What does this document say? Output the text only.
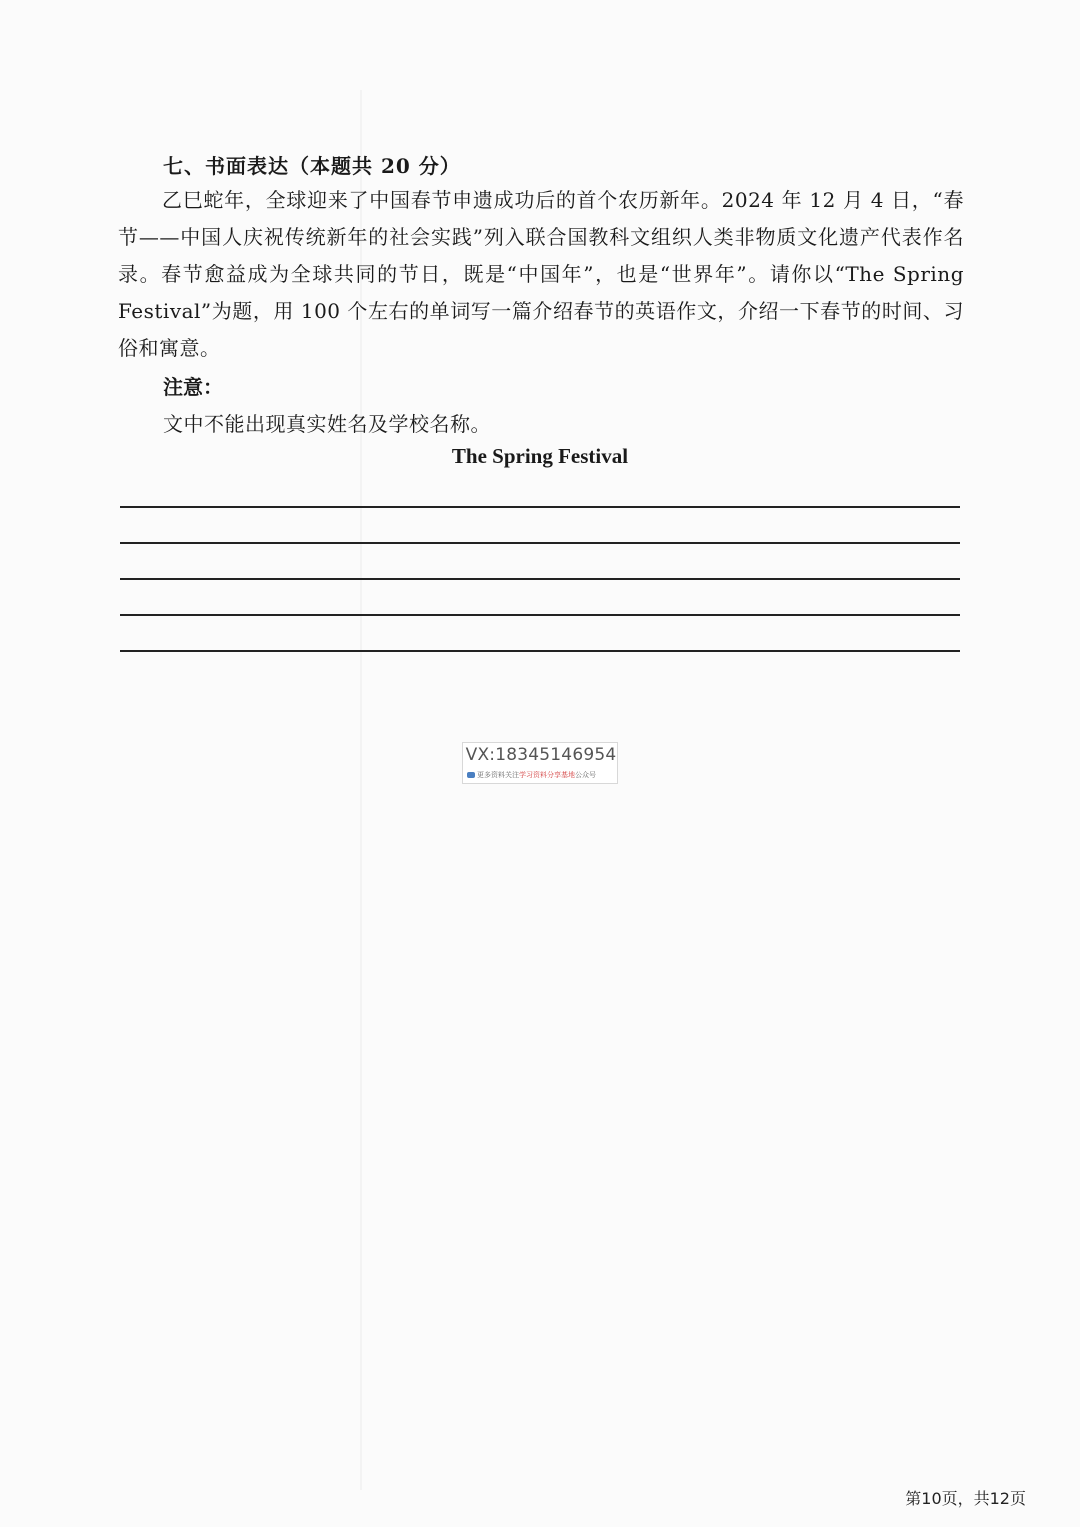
七、书面表达（本题共 20 分）

乙巳蛇年，全球迎来了中国春节申遗成功后的首个农历新年。2024 年 12 月 4 日，“春节——中国人庆祝传统新年的社会实践”列入联合国教科文组织人类非物质文化遗产代表作名录。春节愈益成为全球共同的节日，既是“中国年”，也是“世界年”。请你以“The Spring Festival”为题，用 100 个左右的单词写一篇介绍春节的英语作文，介绍一下春节的时间、习俗和寓意。

注意：
文中不能出现真实姓名及学校名称。
The Spring Festival
VX:18345146954
更多资料关注学习资料分享基地公众号
第10页，共12页
